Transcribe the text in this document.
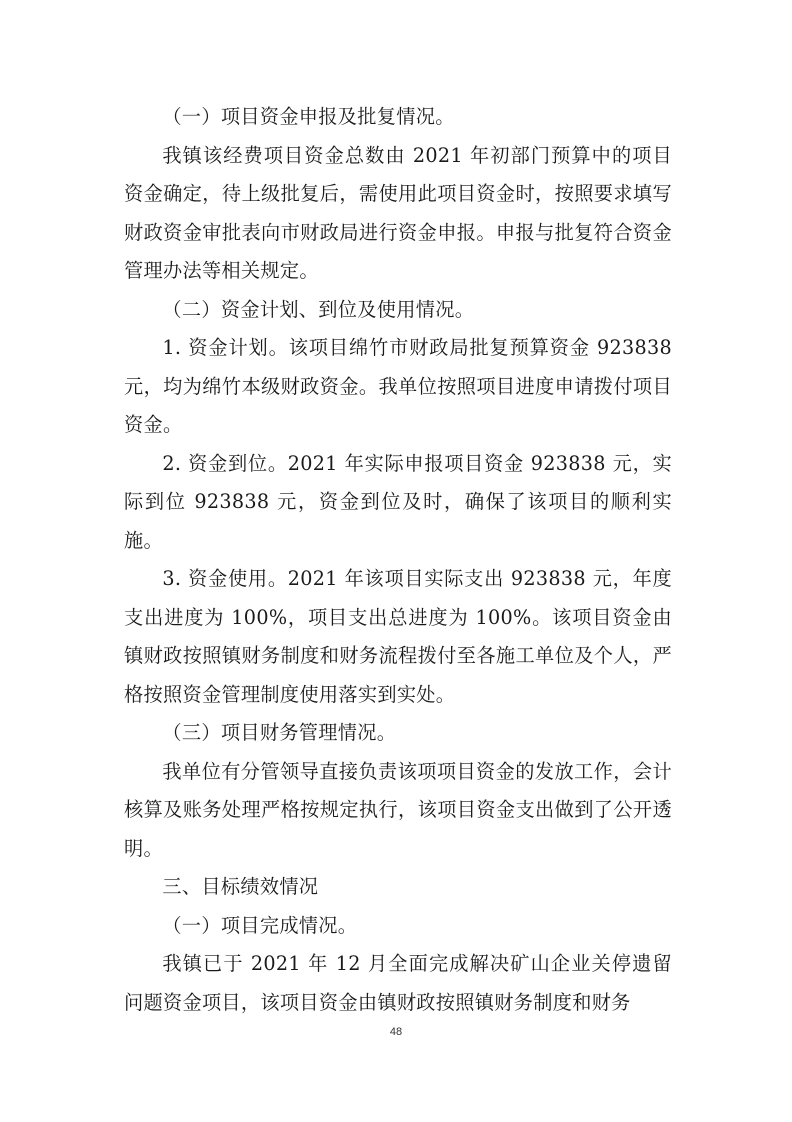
（一）项目资金申报及批复情况。

我镇该经费项目资金总数由 2021 年初部门预算中的项目资金确定，待上级批复后，需使用此项目资金时，按照要求填写财政资金审批表向市财政局进行资金申报。申报与批复符合资金管理办法等相关规定。

（二）资金计划、到位及使用情况。

1. 资金计划。该项目绵竹市财政局批复预算资金 923838 元，均为绵竹本级财政资金。我单位按照项目进度申请拨付项目资金。

2. 资金到位。2021 年实际申报项目资金 923838 元，实际到位 923838 元，资金到位及时，确保了该项目的顺利实施。

3. 资金使用。2021 年该项目实际支出 923838 元，年度支出进度为 100%，项目支出总进度为 100%。该项目资金由镇财政按照镇财务制度和财务流程拨付至各施工单位及个人，严格按照资金管理制度使用落实到实处。

（三）项目财务管理情况。

我单位有分管领导直接负责该项项目资金的发放工作，会计核算及账务处理严格按规定执行，该项目资金支出做到了公开透明。

三、目标绩效情况

（一）项目完成情况。

我镇已于 2021 年 12 月全面完成解决矿山企业关停遗留问题资金项目，该项目资金由镇财政按照镇财务制度和财务

48
